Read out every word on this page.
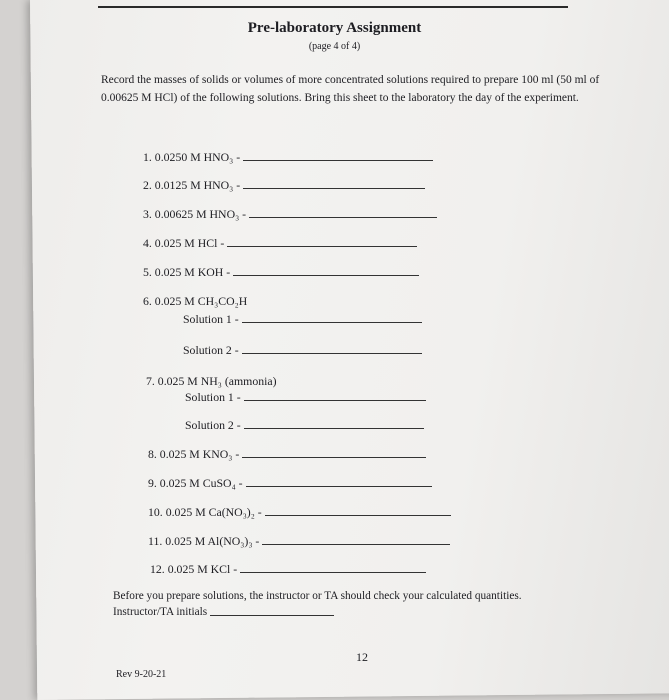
Pre-laboratory Assignment
(page 4 of 4)
Record the masses of solids or volumes of more concentrated solutions required to prepare 100 ml (50 ml of 0.00625 M HCl) of the following solutions. Bring this sheet to the laboratory the day of the experiment.
1. 0.0250 M HNO₃ -
2. 0.0125 M HNO₃ -
3. 0.00625 M HNO₃ -
4. 0.025 M HCl -
5. 0.025 M KOH -
6. 0.025 M CH₃CO₂H
Solution 1 -
Solution 2 -
7. 0.025 M NH₃ (ammonia)
Solution 1 -
Solution 2 -
8. 0.025 M KNO₃ -
9. 0.025 M CuSO₄ -
10. 0.025 M Ca(NO₃)₂ -
11. 0.025 M Al(NO₃)₃ -
12. 0.025 M KCl -
Before you prepare solutions, the instructor or TA should check your calculated quantities.
Instructor/TA initials
12
Rev 9-20-21
